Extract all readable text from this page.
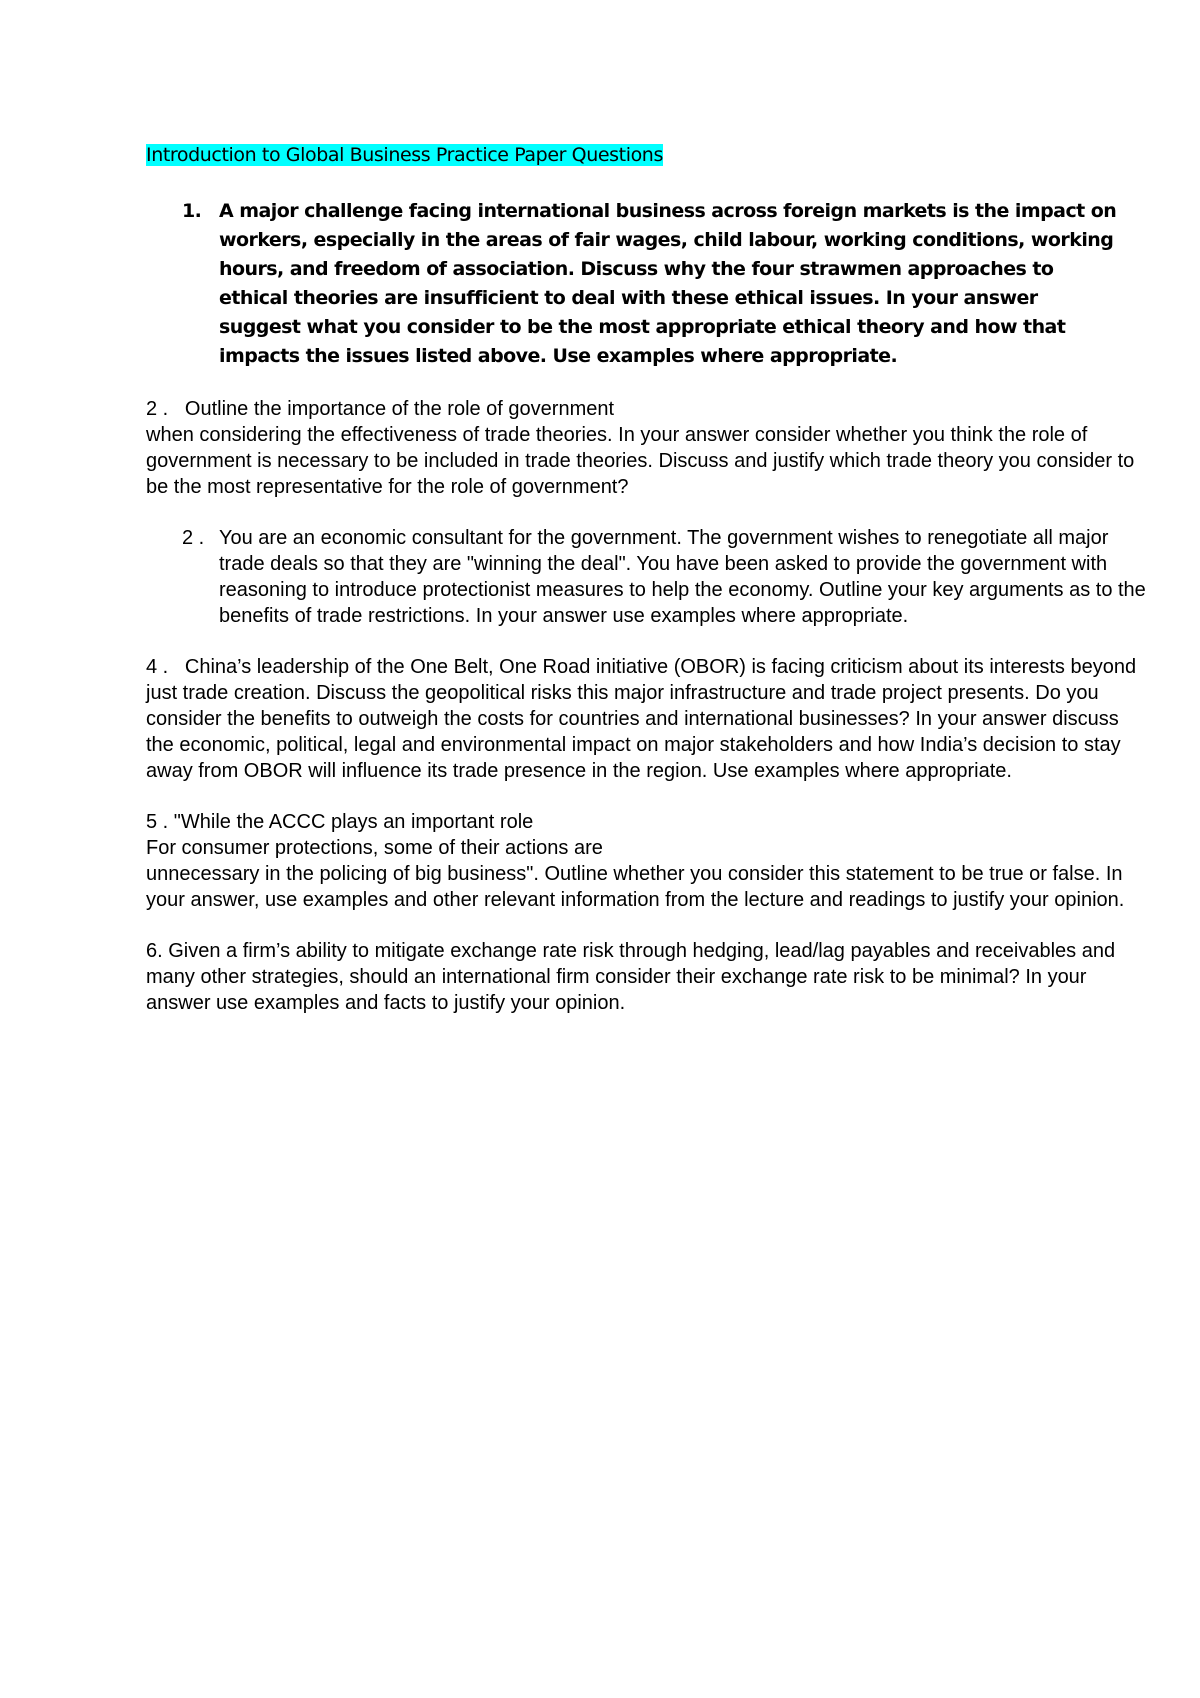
Introduction to Global Business Practice Paper Questions
1. A major challenge facing international business across foreign markets is the impact on workers, especially in the areas of fair wages, child labour, working conditions, working hours, and freedom of association. Discuss why the four strawmen approaches to ethical theories are insufficient to deal with these ethical issues. In your answer suggest what you consider to be the most appropriate ethical theory and how that impacts the issues listed above. Use examples where appropriate.
2 .   Outline the importance of the role of government
when considering the effectiveness of trade theories. In your answer consider whether you think the role of government is necessary to be included in trade theories. Discuss and justify which trade theory you consider to be the most representative for the role of government?
2 . You are an economic consultant for the government. The government wishes to renegotiate all major trade deals so that they are "winning the deal". You have been asked to provide the government with reasoning to introduce protectionist measures to help the economy. Outline your key arguments as to the benefits of trade restrictions. In your answer use examples where appropriate.
4 .   China’s leadership of the One Belt, One Road initiative (OBOR) is facing criticism about its interests beyond just trade creation. Discuss the geopolitical risks this major infrastructure and trade project presents. Do you consider the benefits to outweigh the costs for countries and international businesses? In your answer discuss the economic, political, legal and environmental impact on major stakeholders and how India’s decision to stay away from OBOR will influence its trade presence in the region. Use examples where appropriate.
5 . "While the ACCC plays an important role
For consumer protections, some of their actions are
unnecessary in the policing of big business". Outline whether you consider this statement to be true or false. In your answer, use examples and other relevant information from the lecture and readings to justify your opinion.
6. Given a firm’s ability to mitigate exchange rate risk through hedging, lead/lag payables and receivables and many other strategies, should an international firm consider their exchange rate risk to be minimal? In your answer use examples and facts to justify your opinion.
